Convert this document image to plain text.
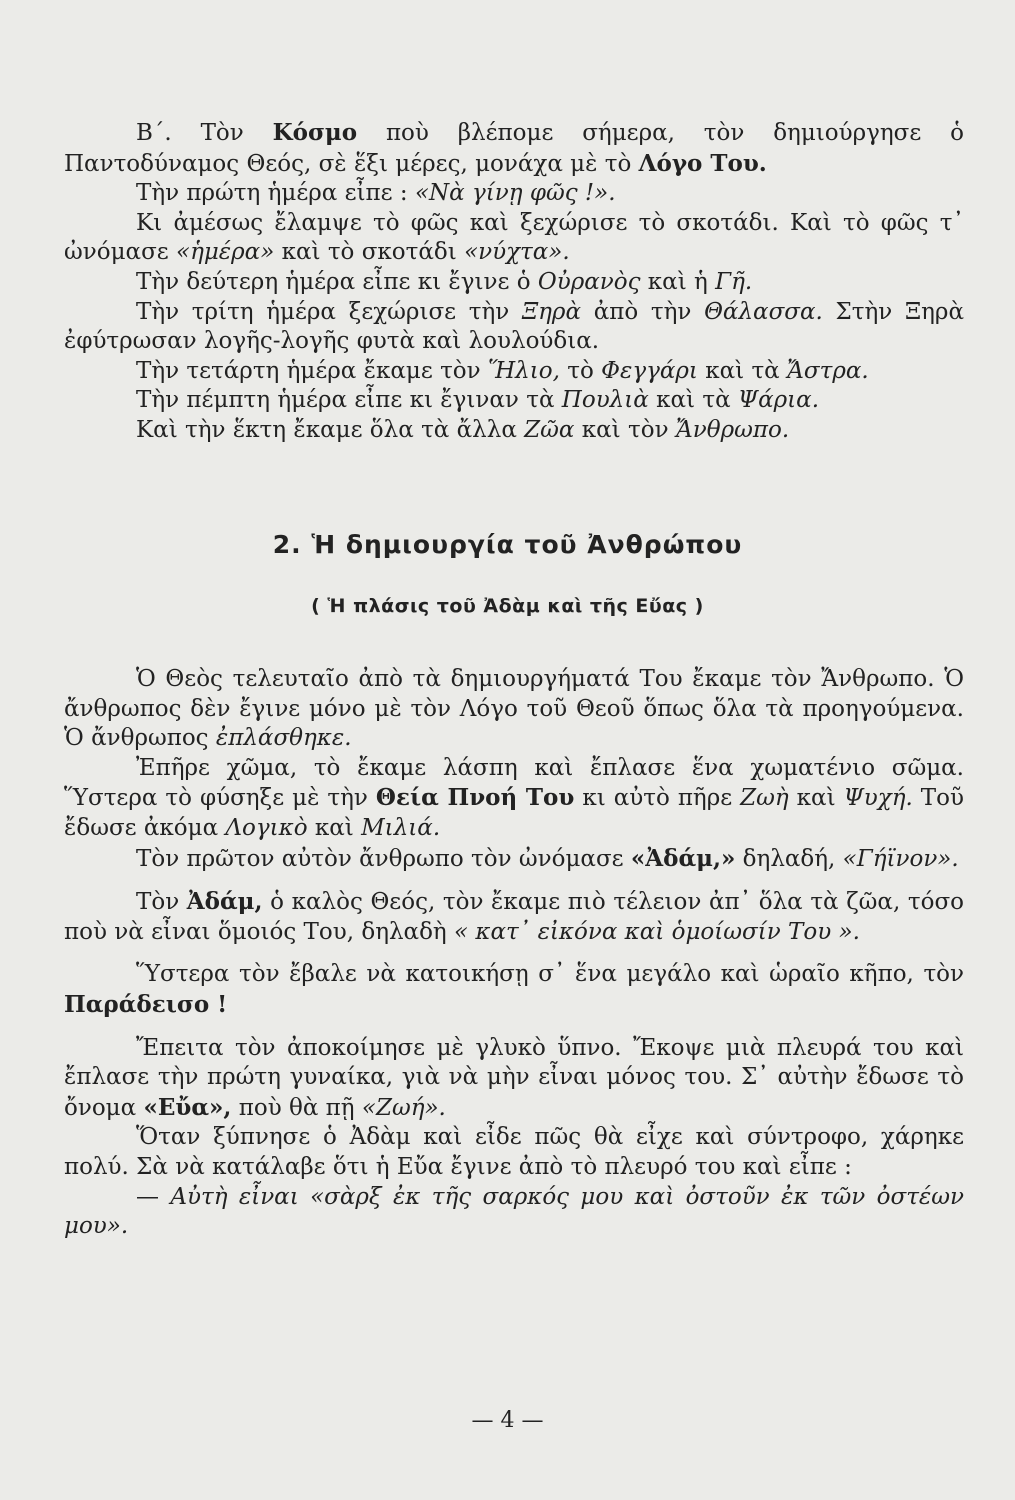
Β΄. Τὸν Κόσμο ποὺ βλέπομε σήμερα, τὸν δημιούργησε ὁ Παντοδύναμος Θεός, σὲ ἕξι μέρες, μονάχα μὲ τὸ Λόγο Του.

Τὴν πρώτη ἡμέρα εἶπε : «Νὰ γίνῃ φῶς !».

Κι ἀμέσως ἔλαμψε τὸ φῶς καὶ ξεχώρισε τὸ σκοτάδι. Καὶ τὸ φῶς τ᾽ ὠνόμασε «ἡμέρα» καὶ τὸ σκοτάδι «νύχτα».

Τὴν δεύτερη ἡμέρα εἶπε κι ἔγινε ὁ Οὐρανὸς καὶ ἡ Γῆ.

Τὴν τρίτη ἡμέρα ξεχώρισε τὴν Ξηρὰ ἀπὸ τὴν Θάλασσα. Στὴν Ξηρὰ ἐφύτρωσαν λογῆς-λογῆς φυτὰ καὶ λουλούδια.

Τὴν τετάρτη ἡμέρα ἔκαμε τὸν Ἥλιο, τὸ Φεγγάρι καὶ τὰ Ἄστρα.

Τὴν πέμπτη ἡμέρα εἶπε κι ἔγιναν τὰ Πουλιὰ καὶ τὰ Ψάρια.

Καὶ τὴν ἕκτη ἔκαμε ὅλα τὰ ἄλλα Ζῶα καὶ τὸν Ἄνθρωπο.

2. Ἡ δημιουργία τοῦ Ἀνθρώπου
( Ἡ πλάσις τοῦ Ἀδὰμ καὶ τῆς Εὔας )

Ὁ Θεὸς τελευταῖο ἀπὸ τὰ δημιουργήματά Του ἔκαμε τὸν Ἄνθρωπο. Ὁ ἄνθρωπος δὲν ἔγινε μόνο μὲ τὸν Λόγο τοῦ Θεοῦ ὅπως ὅλα τὰ προηγούμενα. Ὁ ἄνθρωπος ἐπλάσθηκε.

Ἐπῆρε χῶμα, τὸ ἔκαμε λάσπη καὶ ἔπλασε ἕνα χωματένιο σῶμα. Ὕστερα τὸ φύσηξε μὲ τὴν Θεία Πνοή Του κι αὐτὸ πῆρε Ζωὴ καὶ Ψυχή. Τοῦ ἔδωσε ἀκόμα Λογικὸ καὶ Μιλιά.

Τὸν πρῶτον αὐτὸν ἄνθρωπο τὸν ὠνόμασε «Ἀδάμ,» δηλαδή, «Γήϊνον».

Τὸν Ἀδάμ, ὁ καλὸς Θεός, τὸν ἔκαμε πιὸ τέλειον ἀπ᾽ ὅλα τὰ ζῶα, τόσο ποὺ νὰ εἶναι ὅμοιός Του, δηλαδὴ « κατ᾽ εἰκόνα καὶ ὁμοίωσίν Του ».

Ὕστερα τὸν ἔβαλε νὰ κατοικήσῃ σ᾽ ἕνα μεγάλο καὶ ὡραῖο κῆπο, τὸν Παράδεισο !

Ἔπειτα τὸν ἀποκοίμησε μὲ γλυκὸ ὕπνο. Ἔκοψε μιὰ πλευρά του καὶ ἔπλασε τὴν πρώτη γυναίκα, γιὰ νὰ μὴν εἶναι μόνος του. Σ᾽ αὐτὴν ἔδωσε τὸ ὄνομα «Εὔα», ποὺ θὰ πῇ «Ζωή».

Ὅταν ξύπνησε ὁ Ἀδὰμ καὶ εἶδε πῶς θὰ εἶχε καὶ σύντροφο, χάρηκε πολύ. Σὰ νὰ κατάλαβε ὅτι ἡ Εὔα ἔγινε ἀπὸ τὸ πλευρό του καὶ εἶπε :

— Αὐτὴ εἶναι «σὰρξ ἐκ τῆς σαρκός μου καὶ ὀστοῦν ἐκ τῶν ὀστέων μου».

— 4 —
